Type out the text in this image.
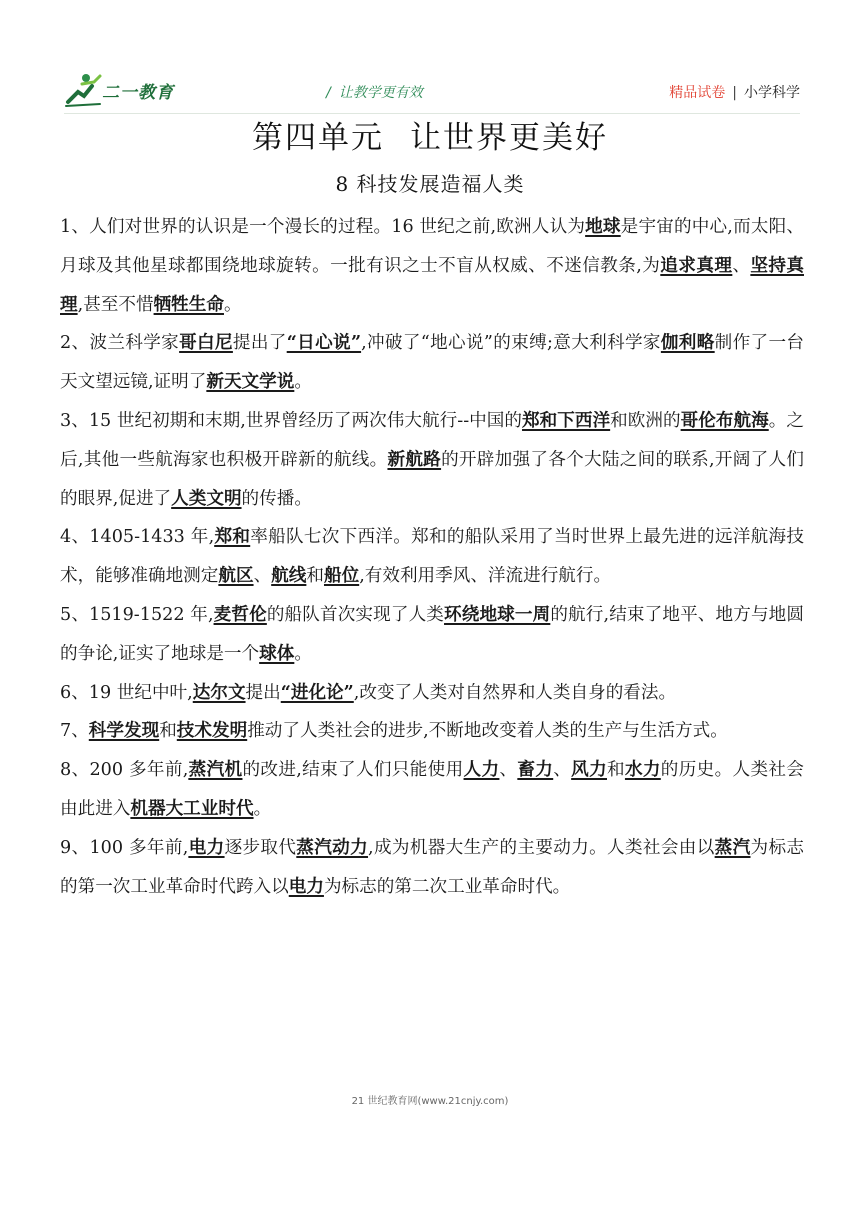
二一教育	/ 让教学更有效	精品试卷 | 小学科学
第四单元 让世界更美好
8 科技发展造福人类

1、人们对世界的认识是一个漫长的过程。16 世纪之前,欧洲人认为地球是宇宙的中心,而太阳、月球及其他星球都围绕地球旋转。一批有识之士不盲从权威、不迷信教条,为追求真理、坚持真理,甚至不惜牺牲生命。

2、波兰科学家哥白尼提出了“日心说”,冲破了“地心说”的束缚;意大利科学家伽利略制作了一台天文望远镜,证明了新天文学说。

3、15 世纪初期和末期,世界曾经历了两次伟大航行--中国的郑和下西洋和欧洲的哥伦布航海。之后,其他一些航海家也积极开辟新的航线。新航路的开辟加强了各个大陆之间的联系,开阔了人们的眼界,促进了人类文明的传播。

4、1405-1433 年,郑和率船队七次下西洋。郑和的船队采用了当时世界上最先进的远洋航海技术，能够准确地测定航区、航线和船位,有效利用季风、洋流进行航行。

5、1519-1522 年,麦哲伦的船队首次实现了人类环绕地球一周的航行,结束了地平、地方与地圆的争论,证实了地球是一个球体。

6、19 世纪中叶,达尔文提出“进化论”,改变了人类对自然界和人类自身的看法。

7、科学发现和技术发明推动了人类社会的进步,不断地改变着人类的生产与生活方式。

8、200 多年前,蒸汽机的改进,结束了人们只能使用人力、畜力、风力和水力的历史。人类社会由此进入机器大工业时代。

9、100 多年前,电力逐步取代蒸汽动力,成为机器大生产的主要动力。人类社会由以蒸汽为标志的第一次工业革命时代跨入以电力为标志的第二次工业革命时代。

21 世纪教育网(www.21cnjy.com)
